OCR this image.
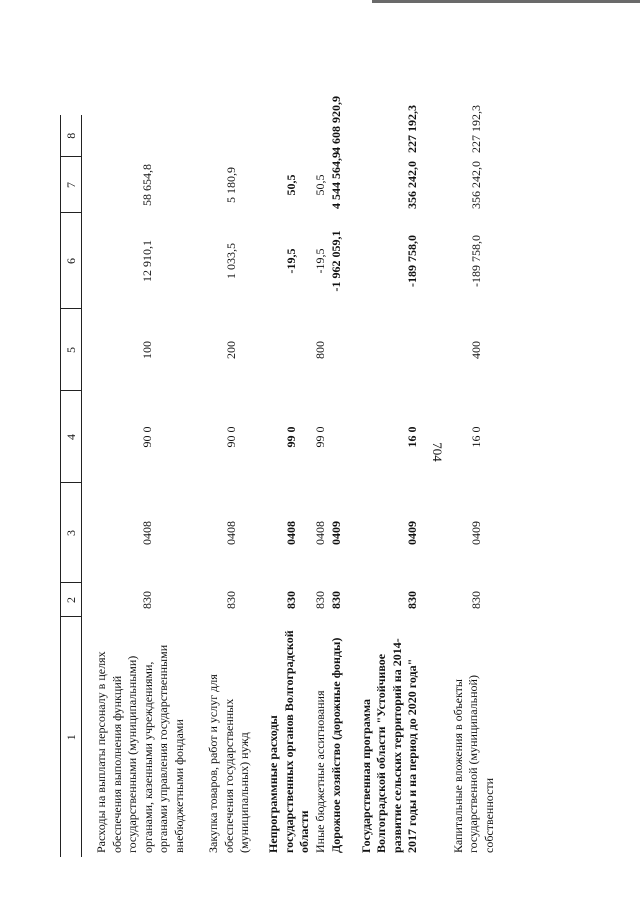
704
1	2	3	4	5	6	7	8

Расходы на выплаты персоналу в целях обеспечения выполнения функций государственными (муниципальными) органами, казенными учреждениями, органами управления государственными внебюджетными фондами	830	0408	90 0	100	12 910,1	58 654,8	
Закупка товаров, работ и услуг для обеспечения государственных (муниципальных) нужд	830	0408	90 0	200	1 033,5	5 180,9	
Непрограммные расходы государственных органов Волгоградской области	830	0408	99 0		-19,5	50,5	
Иные бюджетные ассигнования	830	0408	99 0	800	-19,5	50,5	
Дорожное хозяйство (дорожные фонды)	830	0409			-1 962 059,1	4 544 564,9	4 608 920,9
Государственная программа Волгоградской области "Устойчивое развитие сельских территорий на 2014-2017 годы и на период до 2020 года"	830	0409	16 0		-189 758,0	356 242,0	227 192,3
Капитальные вложения в объекты государственной (муниципальной) собственности	830	0409	16 0	400	-189 758,0	356 242,0	227 192,3
